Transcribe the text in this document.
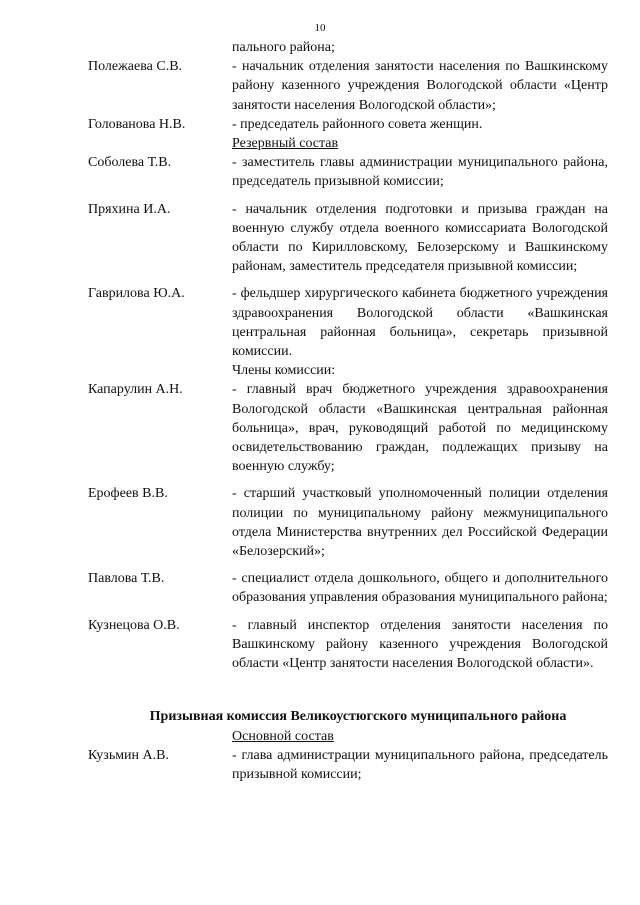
10
пального района;
Полежаева С.В.	- начальник отделения занятости населения по Вашкинскому району казенного учреждения Вологодской области «Центр занятости населения Вологодской области»;
Голованова Н.В.	- председатель районного совета женщин.
Резервный состав
Соболева Т.В.	- заместитель главы администрации муниципального района, председатель призывной комиссии;
Пряхина И.А.	- начальник отделения подготовки и призыва граждан на военную службу отдела военного комиссариата Вологодской области по Кирилловскому, Белозерскому и Вашкинскому районам, заместитель председателя призывной комиссии;
Гаврилова Ю.А.	- фельдшер хирургического кабинета бюджетного учреждения здравоохранения Вологодской области «Вашкинская центральная районная больница», секретарь призывной комиссии.
Члены комиссии:
Капарулин А.Н.	- главный врач бюджетного учреждения здравоохранения Вологодской области «Вашкинская центральная районная больница», врач, руководящий работой по медицинскому освидетельствованию граждан, подлежащих призыву на военную службу;
Ерофеев В.В.	- старший участковый уполномоченный полиции отделения полиции по муниципальному району межмуниципального отдела Министерства внутренних дел Российской Федерации «Белозерский»;
Павлова Т.В.	- специалист отдела дошкольного, общего и дополнительного образования управления образования муниципального района;
Кузнецова О.В.	- главный инспектор отделения занятости населения по Вашкинскому району казенного учреждения Вологодской области «Центр занятости населения Вологодской области».
Призывная комиссия Великоустюгского муниципального района
Основной состав
Кузьмин А.В.	- глава администрации муниципального района, председатель призывной комиссии;
